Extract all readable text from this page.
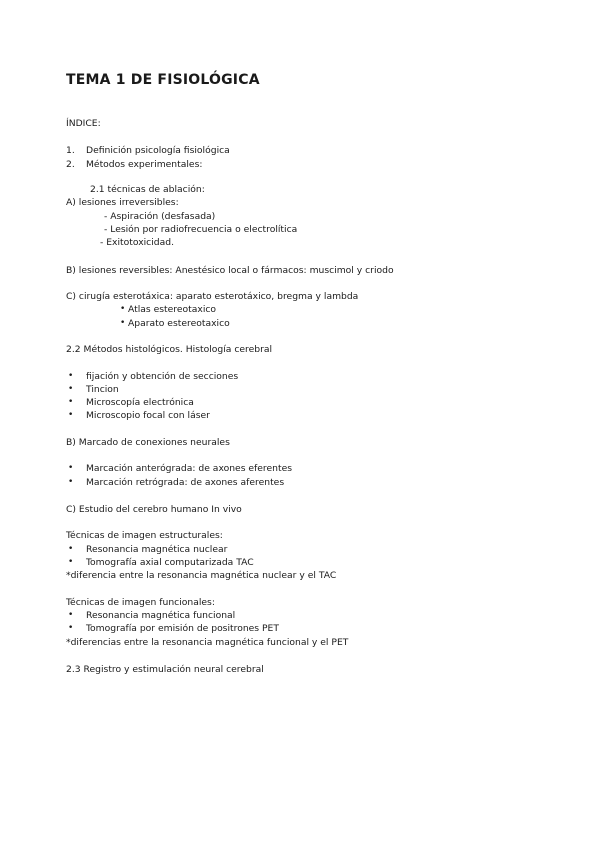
TEMA 1 DE FISIOLÓGICA
ÍNDICE:
1. Definición psicología fisiológica
2. Métodos experimentales:
2.1 técnicas de ablación:
A) lesiones irreversibles:
- Aspiración (desfasada)
- Lesión por radiofrecuencia o electrolítica
- Exitotoxicidad.
B) lesiones reversibles: Anestésico local o fármacos: muscimol y criodo
C) cirugía esterotáxica: aparato esterotáxico, bregma y lambda
• Atlas estereotaxico
• Aparato estereotaxico
2.2 Métodos histológicos. Histología cerebral
• fijación y obtención de secciones
• Tincion
• Microscopía electrónica
• Microscopio focal con láser
B) Marcado de conexiones neurales
• Marcación anterógrada: de axones eferentes
• Marcación retrógrada: de axones aferentes
C) Estudio del cerebro humano In vivo
Técnicas de imagen estructurales:
• Resonancia magnética nuclear
• Tomografía axial computarizada TAC
*diferencia entre la resonancia magnética nuclear y el TAC
Técnicas de imagen funcionales:
• Resonancia magnética funcional
• Tomografía por emisión de positrones PET
*diferencias entre la resonancia magnética funcional y el PET
2.3 Registro y estimulación neural cerebral
